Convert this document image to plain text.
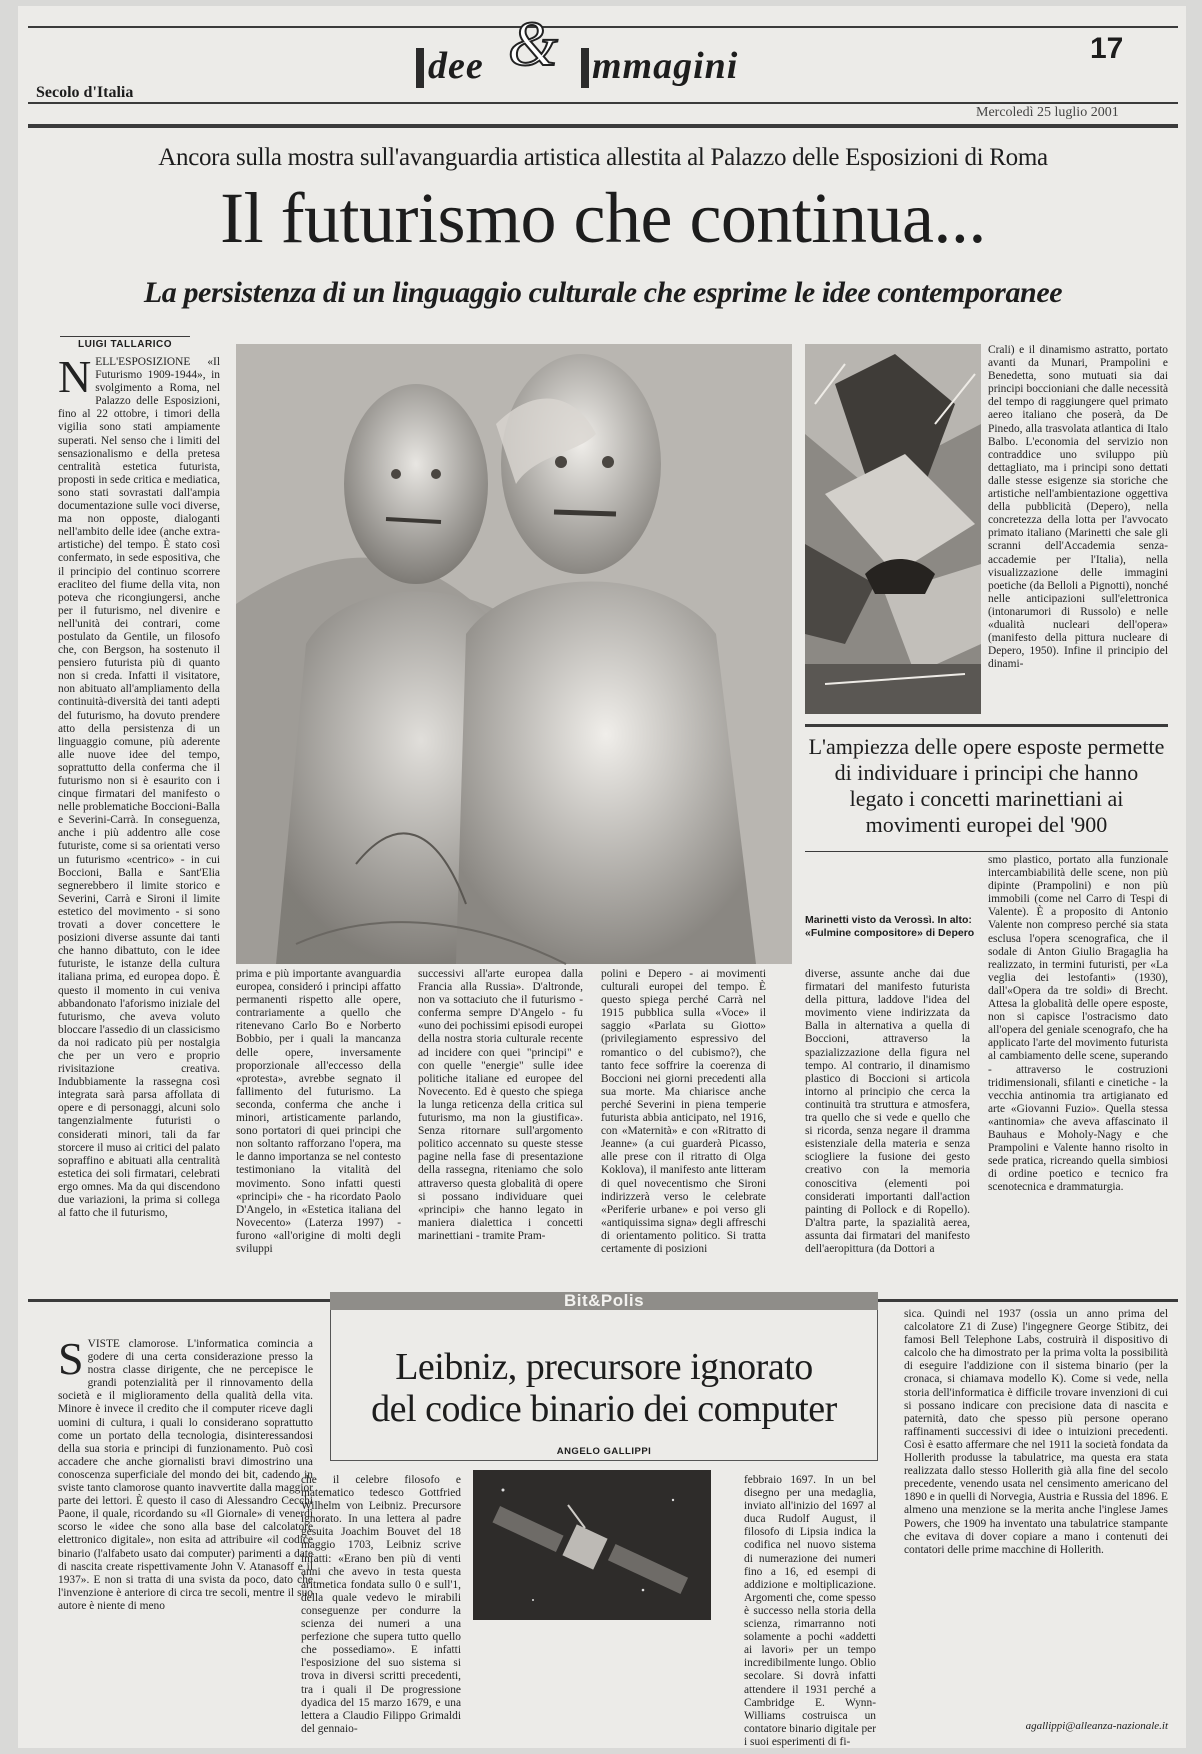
dee & mmagini	17
Secolo d'Italia
Mercoledì 25 luglio 2001
Ancora sulla mostra sull'avanguardia artistica allestita al Palazzo delle Esposizioni di Roma
Il futurismo che continua...
La persistenza di un linguaggio culturale che esprime le idee contemporanee
LUIGI TALLARICO
NELL'ESPOSIZIONE «Il Futurismo 1909-1944», in svolgimento a Roma, nel Palazzo delle Esposizioni, fino al 22 ottobre, i timori della vigilia sono stati ampiamente superati. Nel senso che i limiti del sensazionalismo e della pretesa centralità estetica futurista, proposti in sede critica e mediatica, sono stati sovrastati dall'ampia documentazione sulle voci diverse, ma non opposte, dialoganti nell'ambito delle idee (anche extra-artistiche) del tempo. È stato così confermato, in sede espositiva, che il principio del continuo scorrere eracliteo del fiume della vita, non poteva che ricongiungersi, anche per il futurismo, nel divenire e nell'unità dei contrari, come postulato da Gentile, un filosofo che, con Bergson, ha sostenuto il pensiero futurista più di quanto non si creda. Infatti il visitatore, non abituato all'ampliamento della continuità-diversità dei tanti adepti del futurismo, ha dovuto prendere atto della persistenza di un linguaggio comune, più aderente alle nuove idee del tempo, soprattutto della conferma che il futurismo non si è esaurito con i cinque firmatari del manifesto o nelle problematiche Boccioni-Balla e Severini-Carrà. In conseguenza, anche i più addentro alle cose futuriste, come si sa orientati verso un futurismo «centrico» - in cui Boccioni, Balla e Sant'Elia segnerebbero il limite storico e Severini, Carrà e Sironi il limite estetico del movimento - si sono trovati a dover concettere le posizioni diverse assunte dai tanti che hanno dibattuto, con le idee futuriste, le istanze della cultura italiana prima, ed europea dopo. È questo il momento in cui veniva abbandonato l'aforismo iniziale del futurismo, che aveva voluto bloccare l'assedio di un classicismo da noi radicato più per nostalgia che per un vero e proprio rivisitazione creativa. Indubbiamente la rassegna così integrata sarà parsa affollata di opere e di personaggi, alcuni solo tangenzialmente futuristi o considerati minori, tali da far storcere il muso ai critici del palato sopraffino e abituati alla centralità estetica dei soli firmatari, celebrati ergo omnes. Ma da qui discendono due variazioni, la prima si collega al fatto che il futurismo,
Crali) e il dinamismo astratto, portato avanti da Munari, Prampolini e Benedetta, sono mutuati sia dai principi boccioniani che dalle necessità del tempo di raggiungere quel primato aereo italiano che poserà, da De Pinedo, alla trasvolata atlantica di Italo Balbo. L'economia del servizio non contraddice uno sviluppo più dettagliato, ma i principi sono dettati dalle stesse esigenze sia storiche che artistiche nell'ambientazione oggettiva della pubblicità (Depero), nella concretezza della lotta per l'avvocato primato italiano (Marinetti che sale gli scranni dell'Accademia senza-accademie per l'Italia), nella visualizzazione delle immagini poetiche (da Belloli a Pignotti), nonché nelle anticipazioni sull'elettronica (intonarumori di Russolo) e nelle «dualità nucleari dell'opera» (manifesto della pittura nucleare di Depero, 1950). Infine il principio del dinami-
L'ampiezza delle opere esposte permette di individuare i principi che hanno legato i concetti marinettiani ai movimenti europei del '900
Marinetti visto da Verossì. In alto: «Fulmine compositore» di Depero
prima e più importante avanguardia europea, consideró i principi affatto permanenti rispetto alle opere, contrariamente a quello che ritenevano Carlo Bo e Norberto Bobbio, per i quali la mancanza delle opere, inversamente proporzionale all'eccesso della «protesta», avrebbe segnato il fallimento del futurismo. La seconda, conferma che anche i minori, artisticamente parlando, sono portatori di quei principi che non soltanto rafforzano l'opera, ma le danno importanza se nel contesto testimoniano la vitalità del movimento. Sono infatti questi «principi» che - ha ricordato Paolo D'Angelo, in «Estetica italiana del Novecento» (Laterza 1997) - furono «all'origine di molti degli sviluppi
successivi all'arte europea dalla Francia alla Russia». D'altronde, non va sottaciuto che il futurismo - conferma sempre D'Angelo - fu «uno dei pochissimi episodi europei della nostra storia culturale recente ad incidere con quei "principi" e con quelle "energie" sulle idee politiche italiane ed europee del Novecento. Ed è questo che spiega la lunga reticenza della critica sul futurismo, ma non la giustifica». Senza ritornare sull'argomento politico accennato su queste stesse pagine nella fase di presentazione della rassegna, riteniamo che solo attraverso questa globalità di opere si possano individuare quei «principi» che hanno legato in maniera dialettica i concetti marinettiani - tramite Pram-
polini e Depero - ai movimenti culturali europei del tempo. È questo spiega perché Carrà nel 1915 pubblica sulla «Voce» il saggio «Parlata su Giotto» (privilegiamento espressivo del romantico o del cubismo?), che tanto fece soffrire la coerenza di Boccioni nei giorni precedenti alla sua morte. Ma chiarisce anche perché Severini in piena temperie futurista abbia anticipato, nel 1916, con «Maternità» e con «Ritratto di Jeanne» (a cui guarderà Picasso, alle prese con il ritratto di Olga Koklova), il manifesto ante litteram di quel novecentismo che Sironi indirizzerà verso le celebrate «Periferie urbane» e poi verso gli «antiquissima signa» degli affreschi di orientamento politico. Si tratta certamente di posizioni
diverse, assunte anche dai due firmatari del manifesto futurista della pittura, laddove l'idea del movimento viene indirizzata da Balla in alternativa a quella di Boccioni, attraverso la spazializzazione della figura nel tempo. Al contrario, il dinamismo plastico di Boccioni si articola intorno al principio che cerca la continuità tra struttura e atmosfera, tra quello che si vede e quello che si ricorda, senza negare il dramma esistenziale della materia e senza sciogliere la fusione dei gesto creativo con la memoria conoscitiva (elementi poi considerati importanti dall'action painting di Pollock e di Ropello). D'altra parte, la spazialità aerea, assunta dai firmatari del manifesto dell'aeropittura (da Dottori a
smo plastico, portato alla funzionale intercambiabilità delle scene, non più dipinte (Prampolini) e non più immobili (come nel Carro di Tespi di Valente). È a proposito di Antonio Valente non compreso perché sia stata esclusa l'opera scenografica, che il sodale di Anton Giulio Bragaglia ha realizzato, in termini futuristi, per «La veglia dei lestofanti» (1930), dall'«Opera da tre soldi» di Brecht. Attesa la globalità delle opere esposte, non si capisce l'ostracismo dato all'opera del geniale scenografo, che ha applicato l'arte del movimento futurista al cambiamento delle scene, superando - attraverso le costruzioni tridimensionali, sfilanti e cinetiche - la vecchia antinomia tra artigianato ed arte «Giovanni Fuzio». Quella stessa «antinomia» che aveva affascinato il Bauhaus e Moholy-Nagy e che Prampolini e Valente hanno risolto in sede pratica, ricreando quella simbiosi di ordine poetico e tecnico fra scenotecnica e drammaturgia.
Bit&Polis
Leibniz, precursore ignorato
del codice binario dei computer
ANGELO GALLIPPI
SVISTE clamorose. L'informatica comincia a godere di una certa considerazione presso la nostra classe dirigente, che ne percepisce le grandi potenzialità per il rinnovamento della società e il miglioramento della qualità della vita. Minore è invece il credito che il computer riceve dagli uomini di cultura, i quali lo considerano soprattutto come un portato della tecnologia, disinteressandosi della sua storia e principi di funzionamento. Può così accadere che anche giornalisti bravi dimostrino una conoscenza superficiale del mondo dei bit, cadendo in sviste tanto clamorose quanto inavvertite dalla maggior parte dei lettori. È questo il caso di Alessandro Cecchi Paone, il quale, ricordando su «Il Giornale» di venerdì scorso le «idee che sono alla base del calcolatore elettronico digitale», non esita ad attribuire «il codice binario (l'alfabeto usato dai computer) parimenti a date di nascita create rispettivamente John V. Atanasoff e il 1937». E non si tratta di una svista da poco, dato che l'invenzione è anteriore di circa tre secoli, mentre il suo autore è niente di meno
che il celebre filosofo e matematico tedesco Gottfried Wilhelm von Leibniz. Precursore ignorato. In una lettera al padre gesuita Joachim Bouvet del 18 maggio 1703, Leibniz scrive infatti: «Erano ben più di venti anni che avevo in testa questa aritmetica fondata sullo 0 e sull'1, della quale vedevo le mirabili conseguenze per condurre la scienza dei numeri a una perfezione che supera tutto quello che possediamo». E infatti l'esposizione del suo sistema si trova in diversi scritti precedenti, tra i quali il De progressione dyadica del 15 marzo 1679, e una lettera a Claudio Filippo Grimaldi del gennaio-
febbraio 1697. In un bel disegno per una medaglia, inviato all'inizio del 1697 al duca Rudolf August, il filosofo di Lipsia indica la codifica nel nuovo sistema di numerazione dei numeri fino a 16, ed esempi di addizione e moltiplicazione. Argomenti che, come spesso è successo nella storia della scienza, rimarranno noti solamente a pochi «addetti ai lavori» per un tempo incredibilmente lungo. Oblio secolare. Si dovrà infatti attendere il 1931 perché a Cambridge E. Wynn-Williams costruisca un contatore binario digitale per i suoi esperimenti di fi-
sica. Quindi nel 1937 (ossia un anno prima del calcolatore Z1 di Zuse) l'ingegnere George Stibitz, dei famosi Bell Telephone Labs, costruirà il dispositivo di calcolo che ha dimostrato per la prima volta la possibilità di eseguire l'addizione con il sistema binario (per la cronaca, si chiamava modello K). Come si vede, nella storia dell'informatica è difficile trovare invenzioni di cui si possano indicare con precisione data di nascita e paternità, dato che spesso più persone operano raffinamenti successivi di idee o intuizioni precedenti. Così è esatto affermare che nel 1911 la società fondata da Hollerith produsse la tabulatrice, ma questa era stata realizzata dallo stesso Hollerith già alla fine del secolo precedente, venendo usata nel censimento americano del 1890 e in quelli di Norvegia, Austria e Russia del 1896. E almeno una menzione se la merita anche l'inglese James Powers, che 1909 ha inventato una tabulatrice stampante che evitava di dover copiare a mano i contenuti dei contatori delle prime macchine di Hollerith.
agallippi@alleanza-nazionale.it
